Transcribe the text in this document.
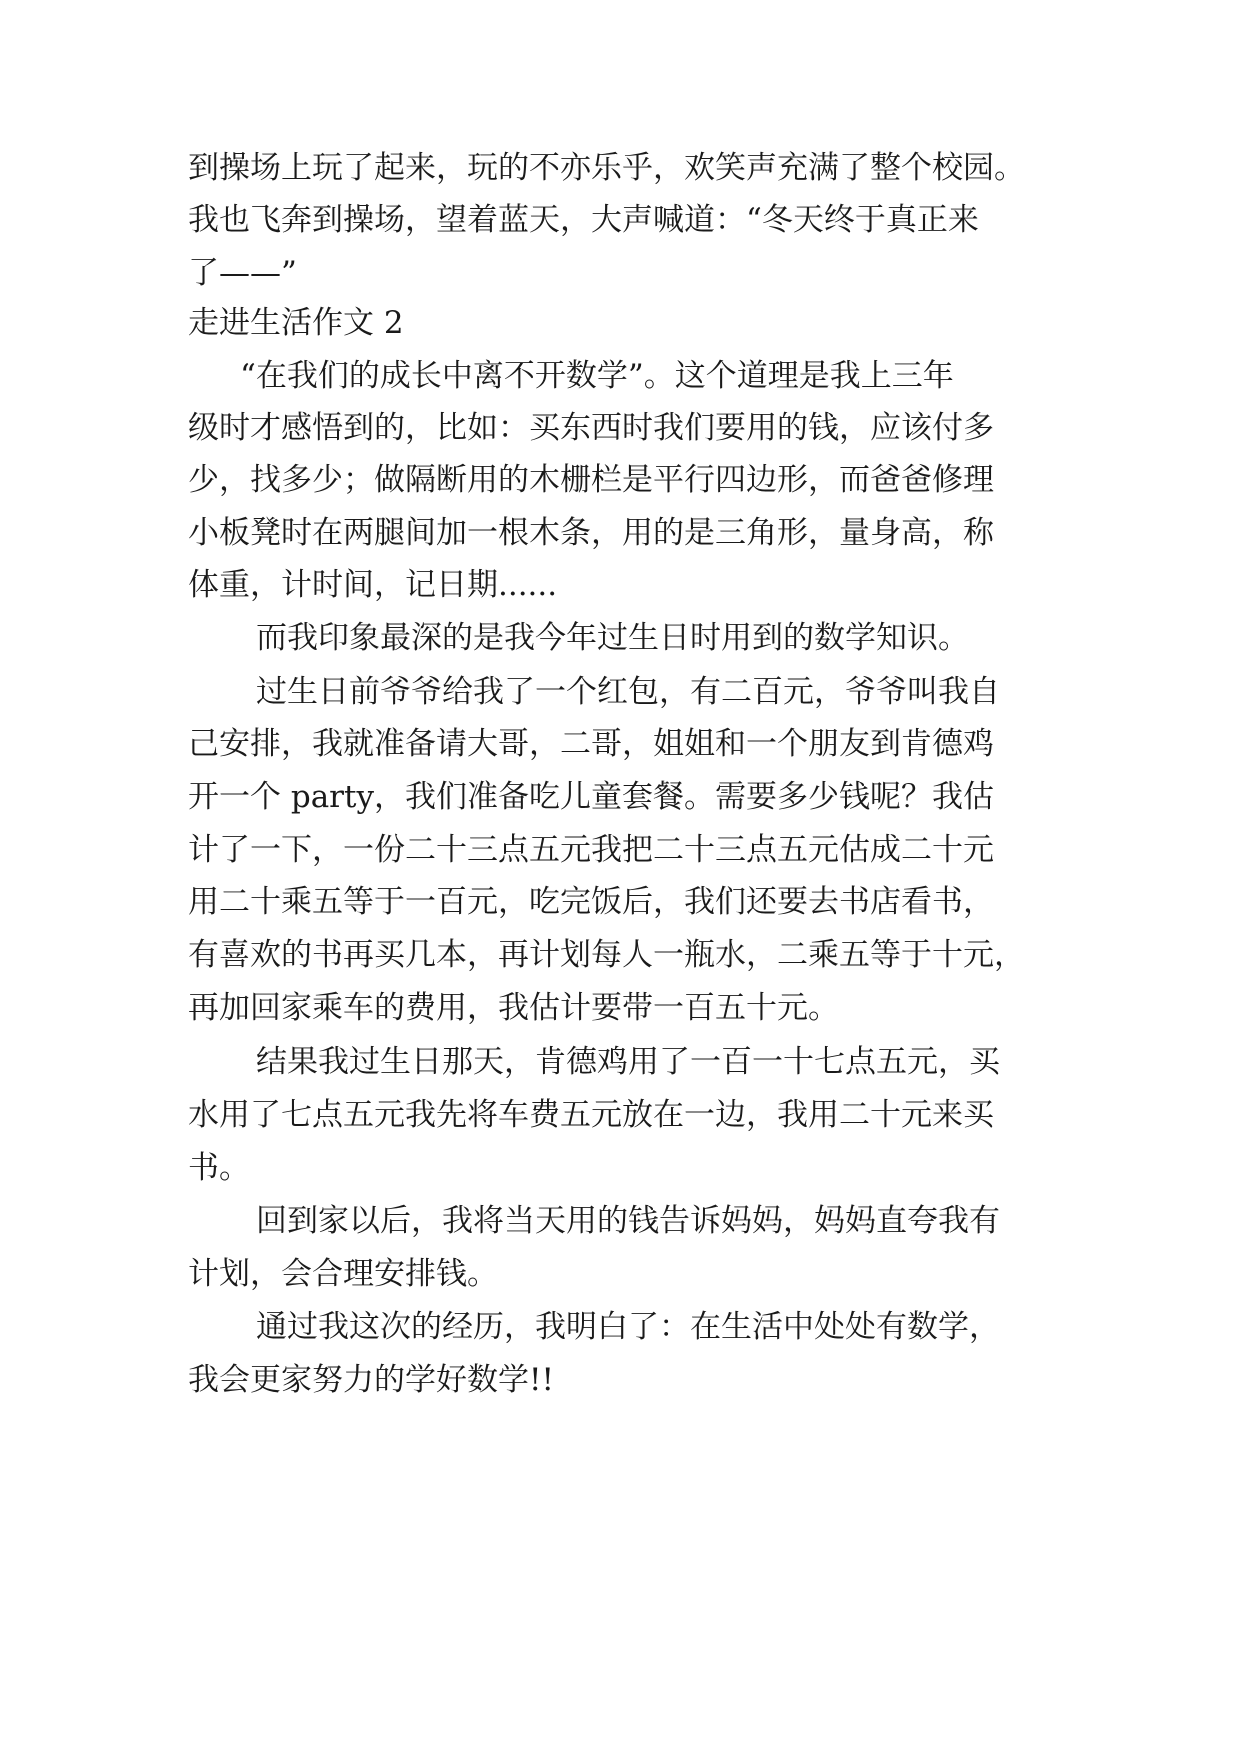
到操场上玩了起来，玩的不亦乐乎，欢笑声充满了整个校园。
我也飞奔到操场，望着蓝天，大声喊道：“冬天终于真正来
了——”
走进生活作文 2
“在我们的成长中离不开数学”。这个道理是我上三年
级时才感悟到的，比如：买东西时我们要用的钱，应该付多
少，找多少；做隔断用的木栅栏是平行四边形，而爸爸修理
小板凳时在两腿间加一根木条，用的是三角形，量身高，称
体重，计时间，记日期......
而我印象最深的是我今年过生日时用到的数学知识。
过生日前爷爷给我了一个红包，有二百元，爷爷叫我自
己安排，我就准备请大哥，二哥，姐姐和一个朋友到肯德鸡
开一个 party，我们准备吃儿童套餐。需要多少钱呢？我估
计了一下，一份二十三点五元我把二十三点五元估成二十元
用二十乘五等于一百元，吃完饭后，我们还要去书店看书，
有喜欢的书再买几本，再计划每人一瓶水，二乘五等于十元，
再加回家乘车的费用，我估计要带一百五十元。
结果我过生日那天，肯德鸡用了一百一十七点五元，买
水用了七点五元我先将车费五元放在一边，我用二十元来买
书。
回到家以后，我将当天用的钱告诉妈妈，妈妈直夸我有
计划，会合理安排钱。
通过我这次的经历，我明白了：在生活中处处有数学，
我会更家努力的学好数学!!
